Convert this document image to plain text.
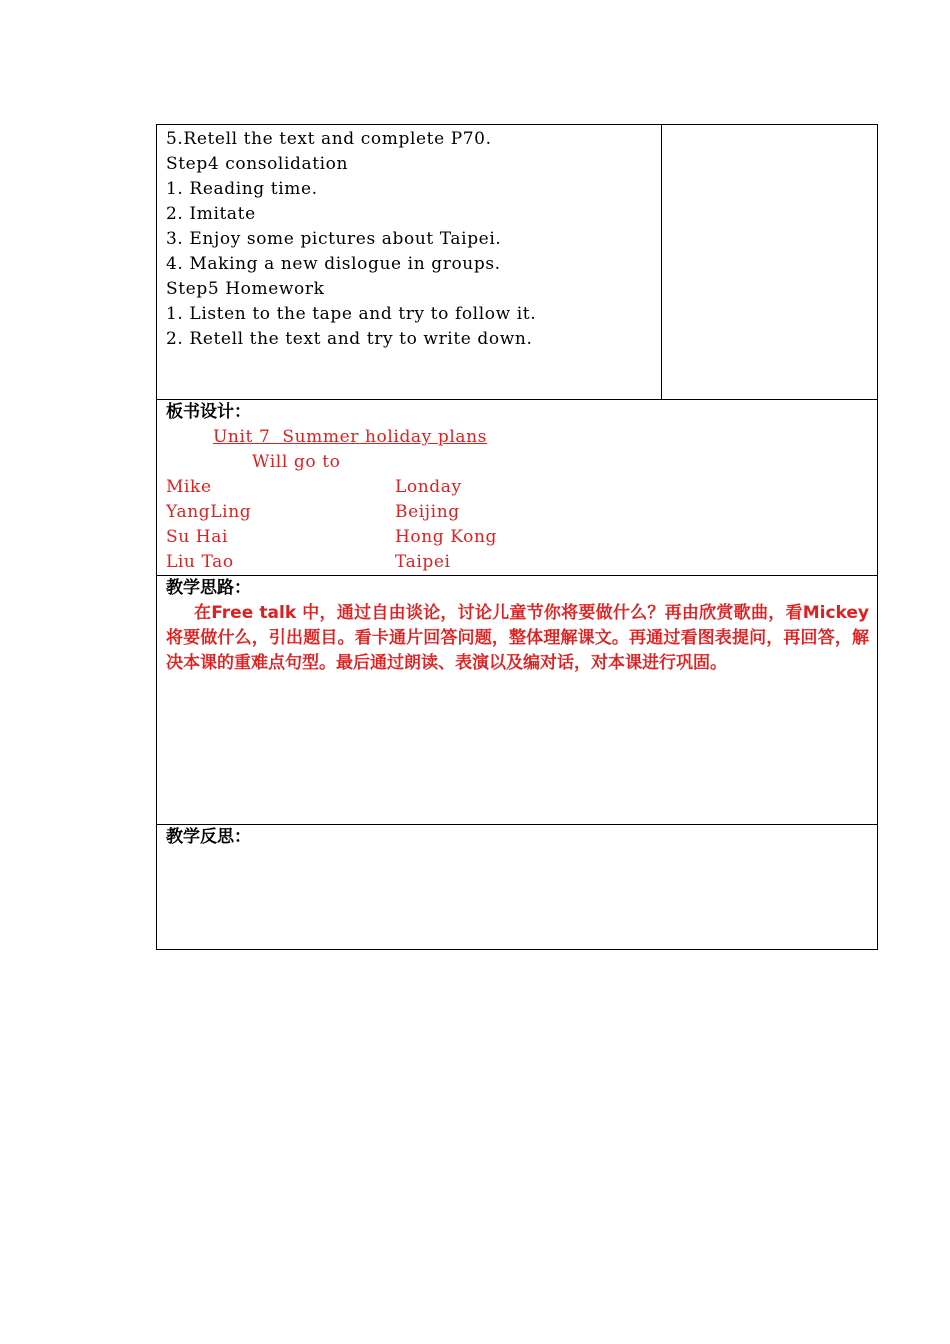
5.Retell the text and complete P70.
Step4 consolidation
1. Reading time.
2. Imitate
3. Enjoy some pictures about Taipei.
4. Making a new dislogue in groups.
Step5 Homework
1. Listen to the tape and try to follow it.
2. Retell the text and try to write down.
板书设计：
Unit 7  Summer holiday plans
Will go to
Mike	Londay
YangLing	Beijing
Su Hai	Hong Kong
Liu Tao	Taipei
教学思路：
在Free talk 中，通过自由谈论，讨论儿童节你将要做什么？再由欣赏歌曲，看Mickey将要做什么，引出题目。看卡通片回答问题，整体理解课文。再通过看图表提问，再回答，解决本课的重难点句型。最后通过朗读、表演以及编对话，对本课进行巩固。
教学反思：
